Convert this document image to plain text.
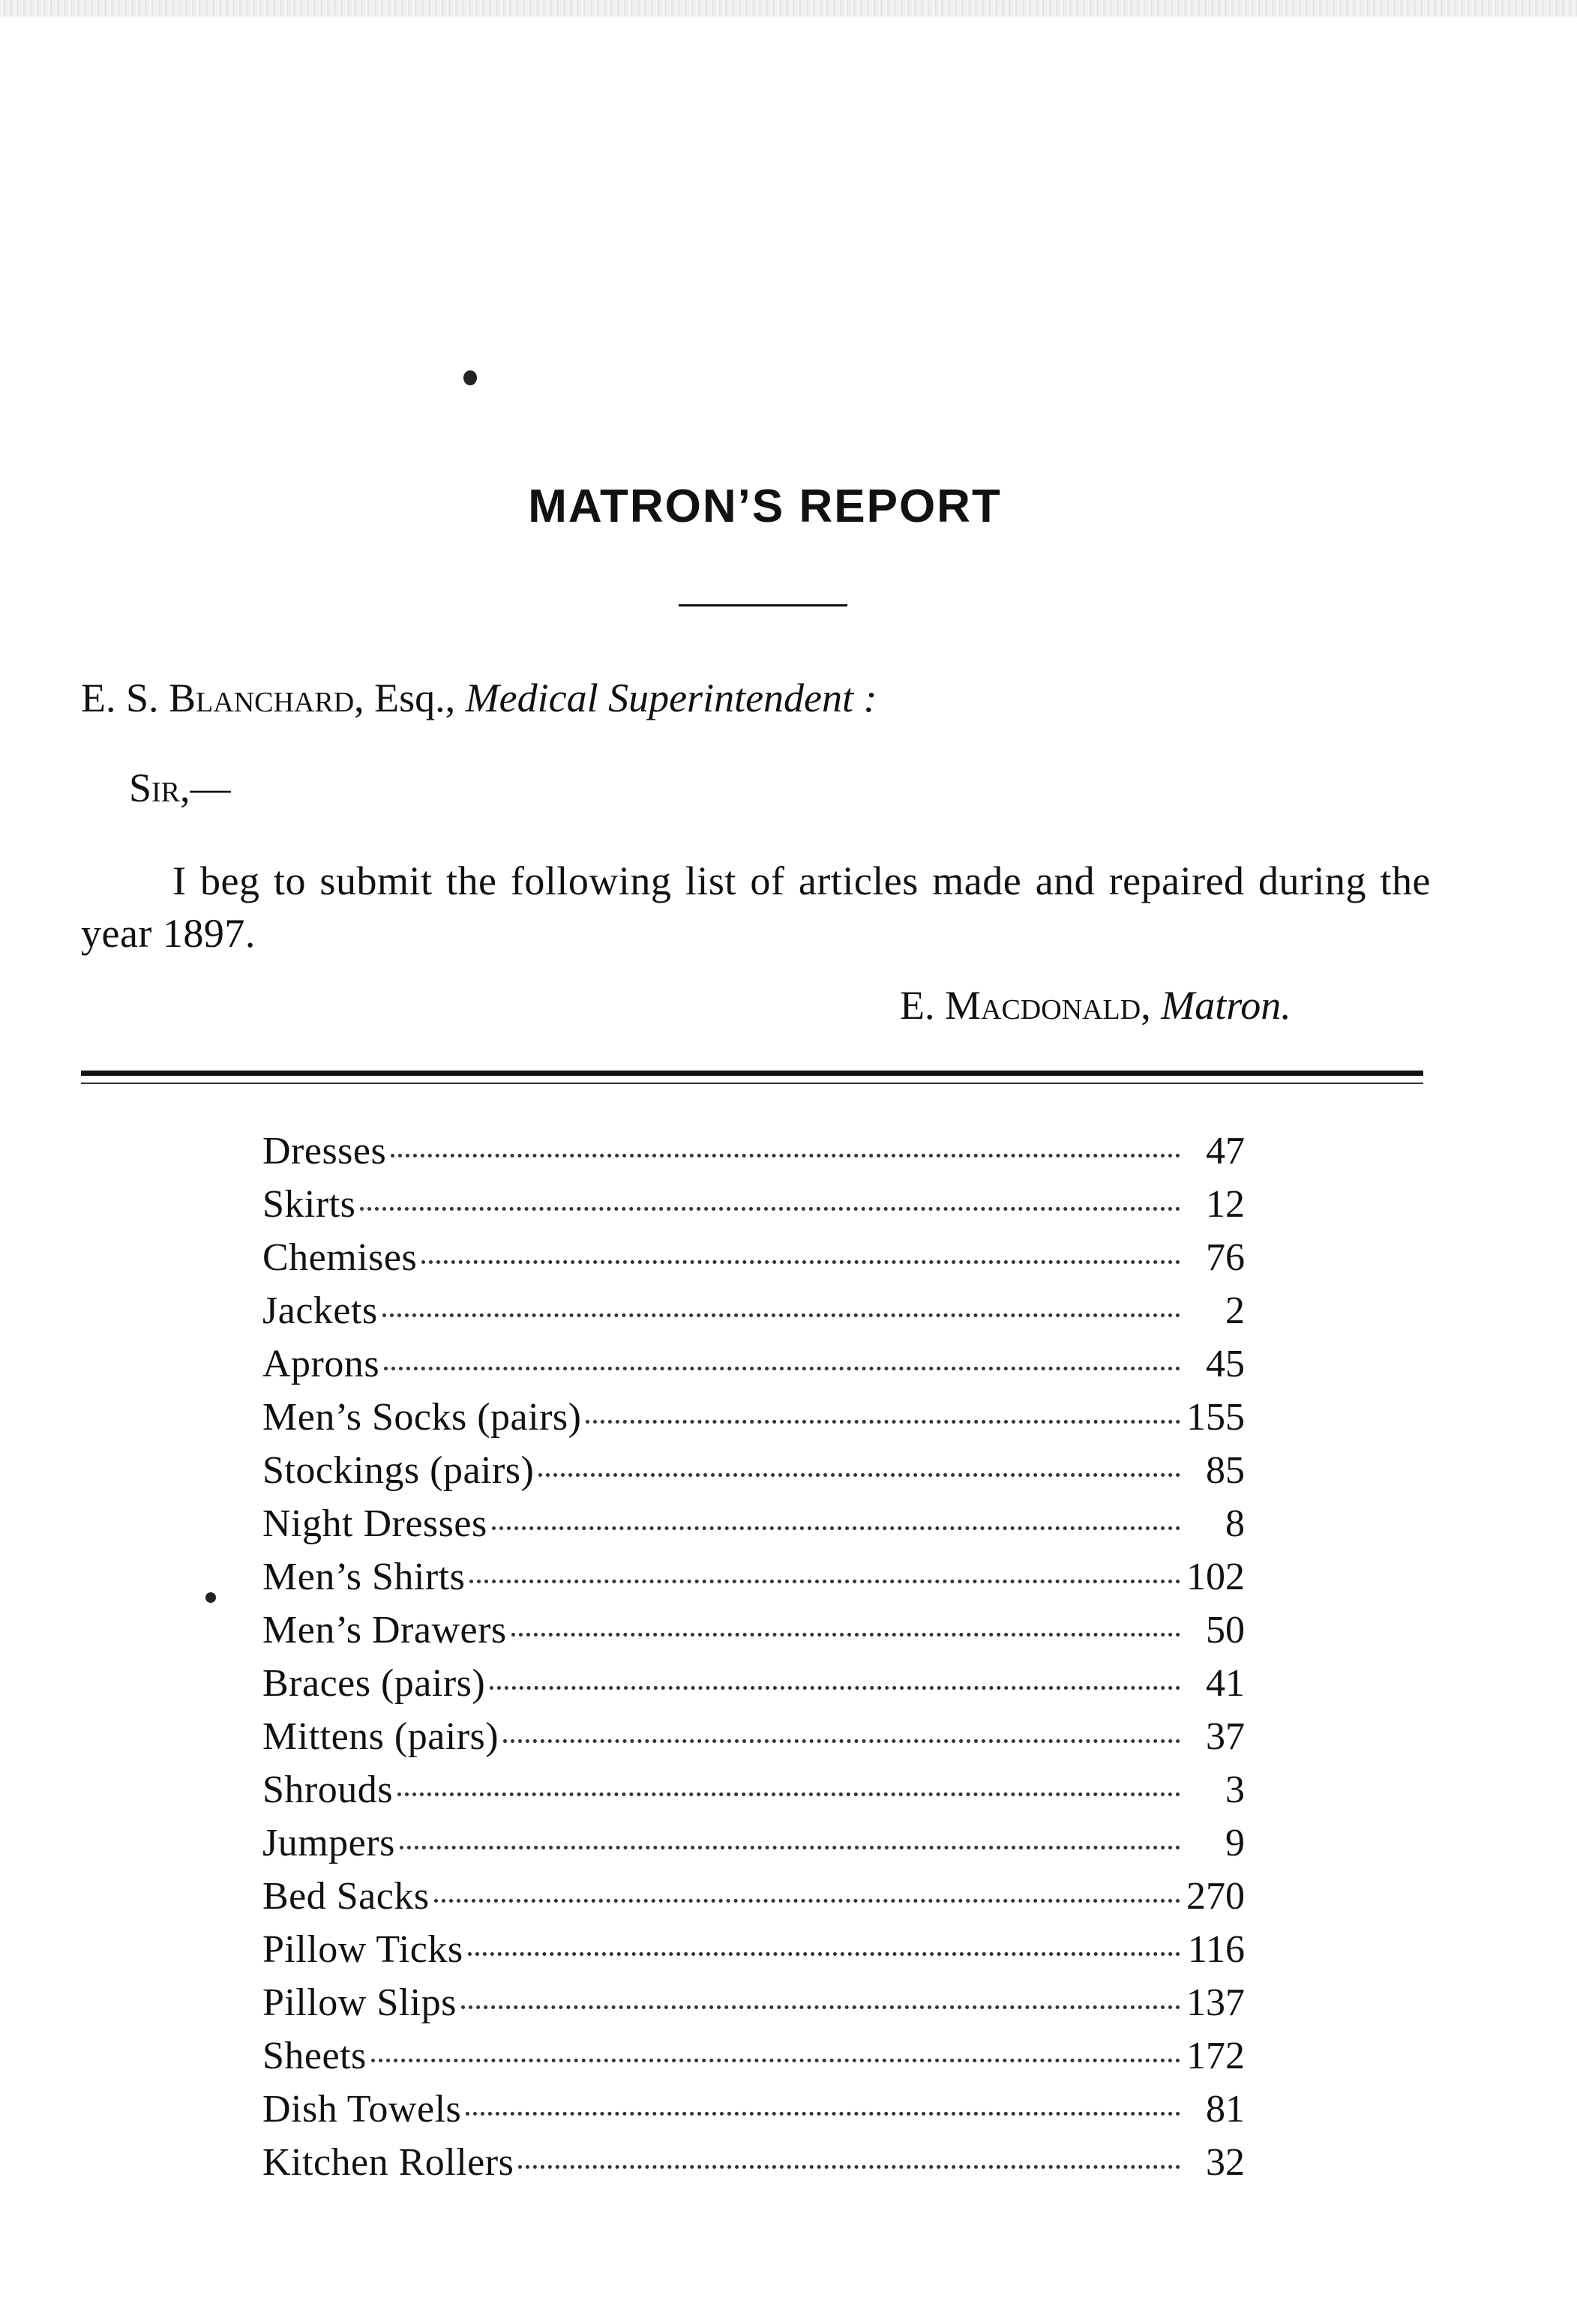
MATRON’S REPORT
E. S. Blanchard, Esq., Medical Superintendent :
Sir,—
I beg to submit the following list of articles made and repaired during the year 1897.
E. Macdonald, Matron.
Dresses	47
Skirts	12
Chemises	76
Jackets	2
Aprons	45
Men’s Socks (pairs)	155
Stockings (pairs)	85
Night Dresses	8
Men’s Shirts	102
Men’s Drawers	50
Braces (pairs)	41
Mittens (pairs)	37
Shrouds	3
Jumpers	9
Bed Sacks	270
Pillow Ticks	116
Pillow Slips	137
Sheets	172
Dish Towels	81
Kitchen Rollers	32
